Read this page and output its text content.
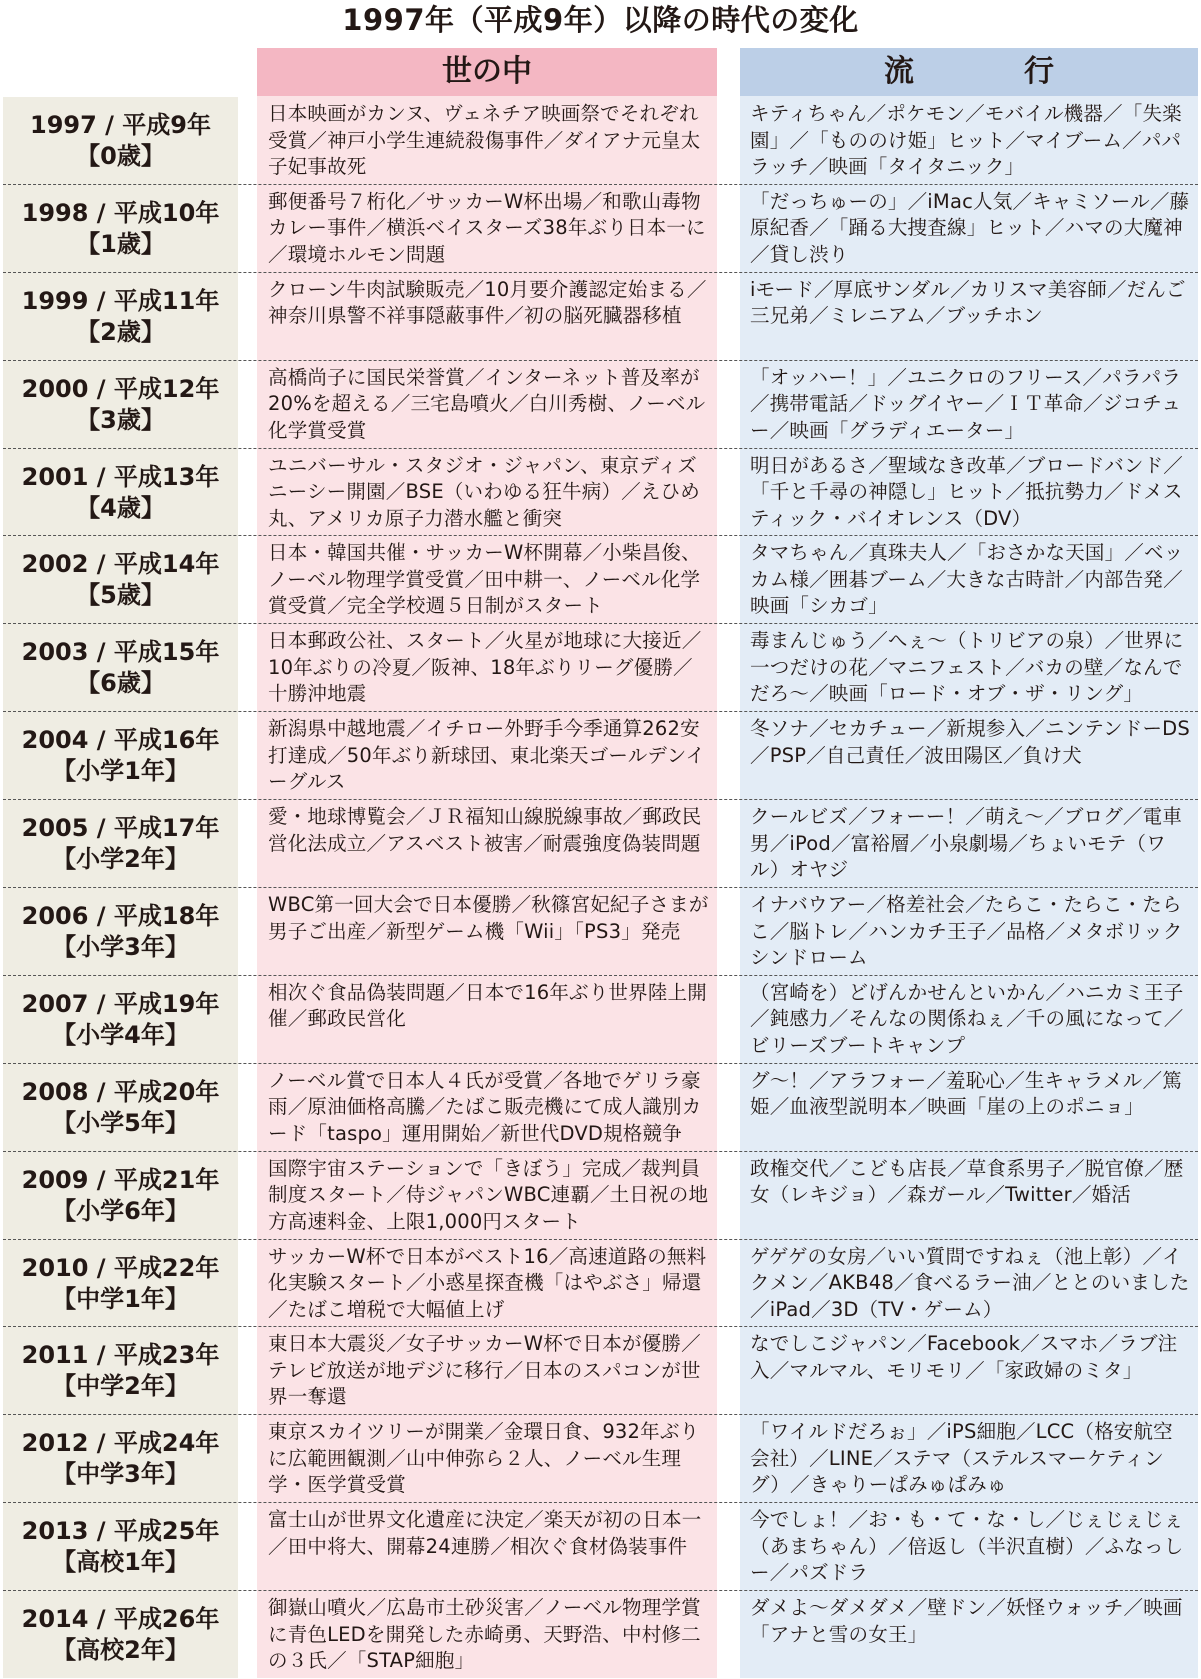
1997年（平成9年）以降の時代の変化
世の中	流　行
1997 / 平成9年
【0歳】
日本映画がカンヌ、ヴェネチア映画祭でそれぞれ受賞／神戸小学生連続殺傷事件／ダイアナ元皇太子妃事故死
キティちゃん／ポケモン／モバイル機器／「失楽園」／「もののけ姫」ヒット／マイブーム／パパラッチ／映画「タイタニック」
1998 / 平成10年
【1歳】
郵便番号７桁化／サッカーW杯出場／和歌山毒物カレー事件／横浜ベイスターズ38年ぶり日本一に／環境ホルモン問題
「だっちゅーの」／iMac人気／キャミソール／藤原紀香／「踊る大捜査線」ヒット／ハマの大魔神／貸し渋り
1999 / 平成11年
【2歳】
クローン牛肉試験販売／10月要介護認定始まる／神奈川県警不祥事隠蔽事件／初の脳死臓器移植
iモード／厚底サンダル／カリスマ美容師／だんご三兄弟／ミレニアム／ブッチホン
2000 / 平成12年
【3歳】
高橋尚子に国民栄誉賞／インターネット普及率が20%を超える／三宅島噴火／白川秀樹、ノーベル化学賞受賞
「オッハー！」／ユニクロのフリース／パラパラ／携帯電話／ドッグイヤー／ＩＴ革命／ジコチュー／映画「グラディエーター」
2001 / 平成13年
【4歳】
ユニバーサル・スタジオ・ジャパン、東京ディズニーシー開園／BSE（いわゆる狂牛病）／えひめ丸、アメリカ原子力潜水艦と衝突
明日があるさ／聖域なき改革／ブロードバンド／「千と千尋の神隠し」ヒット／抵抗勢力／ドメスティック・バイオレンス（DV）
2002 / 平成14年
【5歳】
日本・韓国共催・サッカーW杯開幕／小柴昌俊、ノーベル物理学賞受賞／田中耕一、ノーベル化学賞受賞／完全学校週５日制がスタート
タマちゃん／真珠夫人／「おさかな天国」／ベッカム様／囲碁ブーム／大きな古時計／内部告発／映画「シカゴ」
2003 / 平成15年
【6歳】
日本郵政公社、スタート／火星が地球に大接近／10年ぶりの冷夏／阪神、18年ぶりリーグ優勝／十勝沖地震
毒まんじゅう／へぇ～（トリビアの泉）／世界に一つだけの花／マニフェスト／バカの壁／なんでだろ～／映画「ロード・オブ・ザ・リング」
2004 / 平成16年
【小学1年】
新潟県中越地震／イチロー外野手今季通算262安打達成／50年ぶり新球団、東北楽天ゴールデンイーグルス
冬ソナ／セカチュー／新規参入／ニンテンドーDS／PSP／自己責任／波田陽区／負け犬
2005 / 平成17年
【小学2年】
愛・地球博覧会／ＪＲ福知山線脱線事故／郵政民営化法成立／アスベスト被害／耐震強度偽装問題
クールビズ／フォーー！／萌え～／ブログ／電車男／iPod／富裕層／小泉劇場／ちょいモテ（ワル）オヤジ
2006 / 平成18年
【小学3年】
WBC第一回大会で日本優勝／秋篠宮妃紀子さまが男子ご出産／新型ゲーム機「Wii」「PS3」発売
イナバウアー／格差社会／たらこ・たらこ・たらこ／脳トレ／ハンカチ王子／品格／メタボリックシンドローム
2007 / 平成19年
【小学4年】
相次ぐ食品偽装問題／日本で16年ぶり世界陸上開催／郵政民営化
（宮崎を）どげんかせんといかん／ハニカミ王子／鈍感力／そんなの関係ねぇ／千の風になって／ビリーズブートキャンプ
2008 / 平成20年
【小学5年】
ノーベル賞で日本人４氏が受賞／各地でゲリラ豪雨／原油価格高騰／たばこ販売機にて成人識別カード「taspo」運用開始／新世代DVD規格競争
グ～！／アラフォー／羞恥心／生キャラメル／篤姫／血液型説明本／映画「崖の上のポニョ」
2009 / 平成21年
【小学6年】
国際宇宙ステーションで「きぼう」完成／裁判員制度スタート／侍ジャパンWBC連覇／土日祝の地方高速料金、上限1,000円スタート
政権交代／こども店長／草食系男子／脱官僚／歴女（レキジョ）／森ガール／Twitter／婚活
2010 / 平成22年
【中学1年】
サッカーW杯で日本がベスト16／高速道路の無料化実験スタート／小惑星探査機「はやぶさ」帰還／たばこ増税で大幅値上げ
ゲゲゲの女房／いい質問ですねぇ（池上彰）／イクメン／AKB48／食べるラー油／ととのいました／iPad／3D（TV・ゲーム）
2011 / 平成23年
【中学2年】
東日本大震災／女子サッカーW杯で日本が優勝／テレビ放送が地デジに移行／日本のスパコンが世界一奪還
なでしこジャパン／Facebook／スマホ／ラブ注入／マルマル、モリモリ／「家政婦のミタ」
2012 / 平成24年
【中学3年】
東京スカイツリーが開業／金環日食、932年ぶりに広範囲観測／山中伸弥ら２人、ノーベル生理学・医学賞受賞
「ワイルドだろぉ」／iPS細胞／LCC（格安航空会社）／LINE／ステマ（ステルスマーケティング）／きゃりーぱみゅぱみゅ
2013 / 平成25年
【高校1年】
富士山が世界文化遺産に決定／楽天が初の日本一／田中将大、開幕24連勝／相次ぐ食材偽装事件
今でしょ！／お・も・て・な・し／じぇじぇじぇ（あまちゃん）／倍返し（半沢直樹）／ふなっしー／パズドラ
2014 / 平成26年
【高校2年】
御嶽山噴火／広島市土砂災害／ノーベル物理学賞に青色LEDを開発した赤崎勇、天野浩、中村修二の３氏／「STAP細胞」
ダメよ～ダメダメ／壁ドン／妖怪ウォッチ／映画「アナと雪の女王」
